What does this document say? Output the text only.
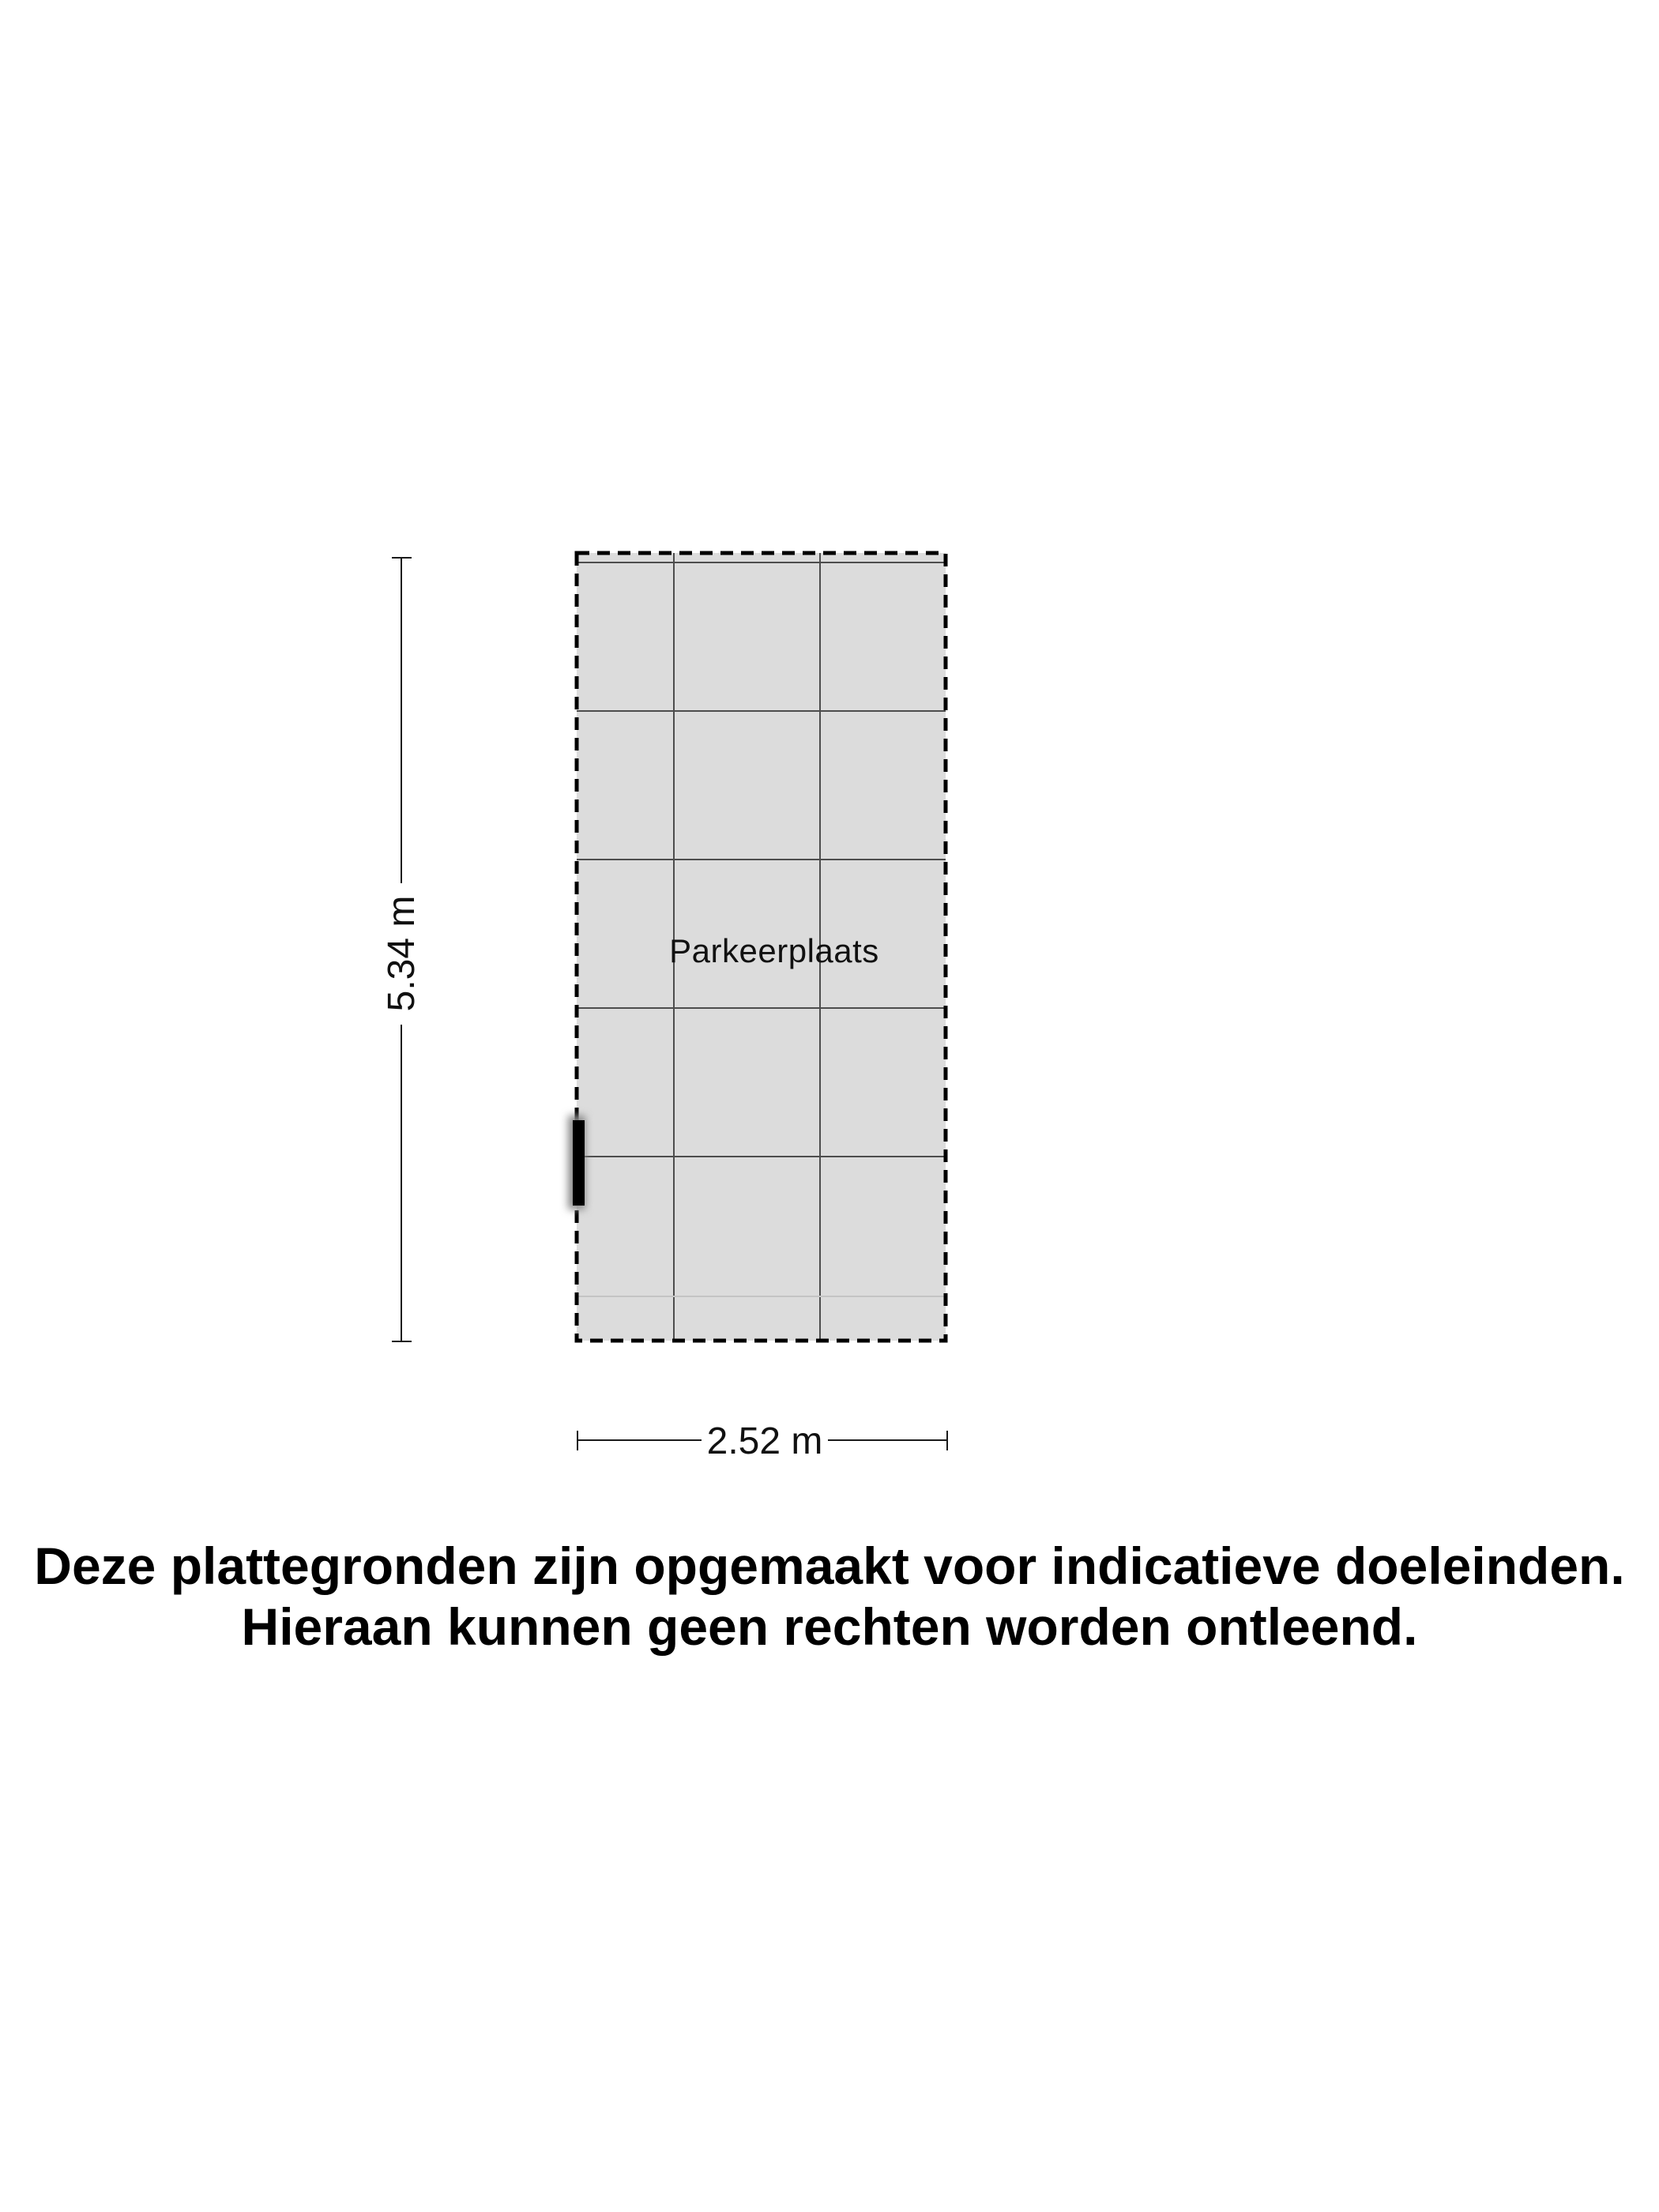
Parkeerplaats
5.34 m
2.52 m
Deze plattegronden zijn opgemaakt voor indicatieve doeleinden.
Hieraan kunnen geen rechten worden ontleend.
